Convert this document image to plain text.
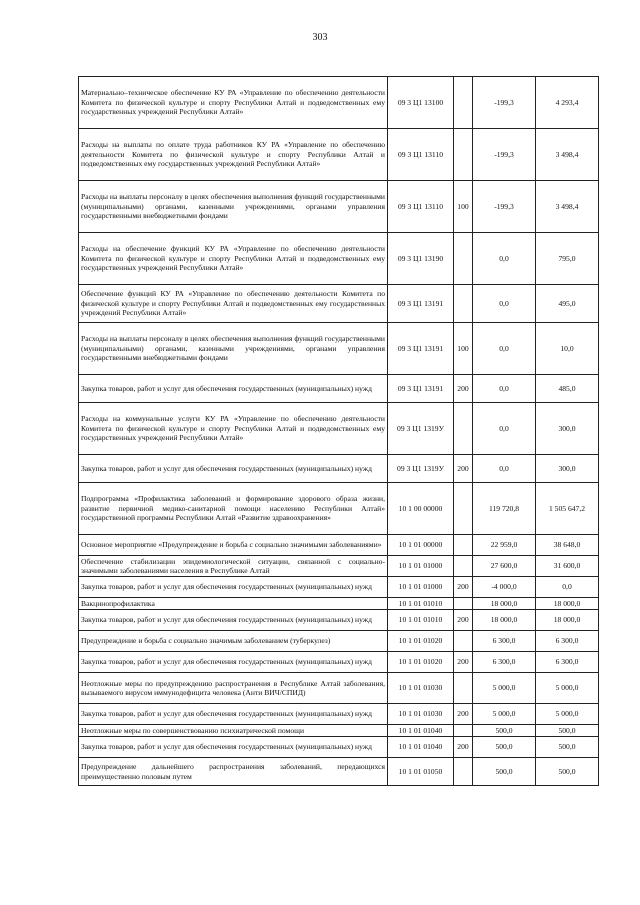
303
Материально–техническое обеспечение КУ РА «Управление по обеспечению деятельности Комитета по физической культуре и спорту Республики Алтай и подведомственных ему государственных учреждений Республики Алтай»	09 3 Ц1 13100		-199,3	4 293,4
Расходы на выплаты по оплате труда работников КУ РА «Управление по обеспечению деятельности Комитета по физической культуре и спорту Республики Алтай и подведомственных ему государственных учреждений Республики Алтай»	09 3 Ц1 13110		-199,3	3 498,4
Расходы на выплаты персоналу в целях обеспечения выполнения функций государственными (муниципальными) органами, казенными учреждениями, органами управления государственными внебюджетными фондами	09 3 Ц1 13110	100	-199,3	3 498,4
Расходы на обеспечение функций КУ РА «Управление по обеспечению деятельности Комитета по физической культуре и спорту Республики Алтай и подведомственных ему государственных учреждений Республики Алтай»	09 3 Ц1 13190		0,0	795,0
Обеспечение функций КУ РА «Управление по обеспечению деятельности Комитета по физической культуре и спорту Республики Алтай и подведомственных ему государственных учреждений Республики Алтай»	09 3 Ц1 13191		0,0	495,0
Расходы на выплаты персоналу в целях обеспечения выполнения функций государственными (муниципальными) органами, казенными учреждениями, органами управления государственными внебюджетными фондами	09 3 Ц1 13191	100	0,0	10,0
Закупка товаров, работ и услуг для обеспечения государственных (муниципальных) нужд	09 3 Ц1 13191	200	0,0	485,0
Расходы на коммунальные услуги КУ РА «Управление по обеспечению деятельности Комитета по физической культуре и спорту Республики Алтай и подведомственных ему государственных учреждений Республики Алтай»	09 3 Ц1 1319У		0,0	300,0
Закупка товаров, работ и услуг для обеспечения государственных (муниципальных) нужд	09 3 Ц1 1319У	200	0,0	300,0
Подпрограмма «Профилактика заболеваний и формирование здорового образа жизни, развитие первичной медико-санитарной помощи населению Республики Алтай» государственной программы Республики Алтай «Развитие здравоохранения»	10 1 00 00000		119 720,8	1 505 647,2
Основное мероприятие «Предупреждение и борьба с социально значимыми заболеваниями»	10 1 01 00000		22 959,0	38 648,0
Обеспечение стабилизации эпидемиологической ситуации, связанной с социально-значимыми заболеваниями населения в Республике Алтай	10 1 01 01000		27 600,0	31 600,0
Закупка товаров, работ и услуг для обеспечения государственных (муниципальных) нужд	10 1 01 01000	200	-4 000,0	0,0
Вакцинопрофилактика	10 1 01 01010		18 000,0	18 000,0
Закупка товаров, работ и услуг для обеспечения государственных (муниципальных) нужд	10 1 01 01010	200	18 000,0	18 000,0
Предупреждение и борьба с социально значимым заболеванием (туберкулез)	10 1 01 01020		6 300,0	6 300,0
Закупка товаров, работ и услуг для обеспечения государственных (муниципальных) нужд	10 1 01 01020	200	6 300,0	6 300,0
Неотложные меры по предупреждению распространения в Республике Алтай заболевания, вызываемого вирусом иммунодефицита человека (Анти ВИЧ/СПИД)	10 1 01 01030		5 000,0	5 000,0
Закупка товаров, работ и услуг для обеспечения государственных (муниципальных) нужд	10 1 01 01030	200	5 000,0	5 000,0
Неотложные меры по совершенствованию психиатрической помощи	10 1 01 01040		500,0	500,0
Закупка товаров, работ и услуг для обеспечения государственных (муниципальных) нужд	10 1 01 01040	200	500,0	500,0
Предупреждение дальнейшего распространения заболеваний, передающихся преимущественно половым путем	10 1 01 01050		500,0	500,0
